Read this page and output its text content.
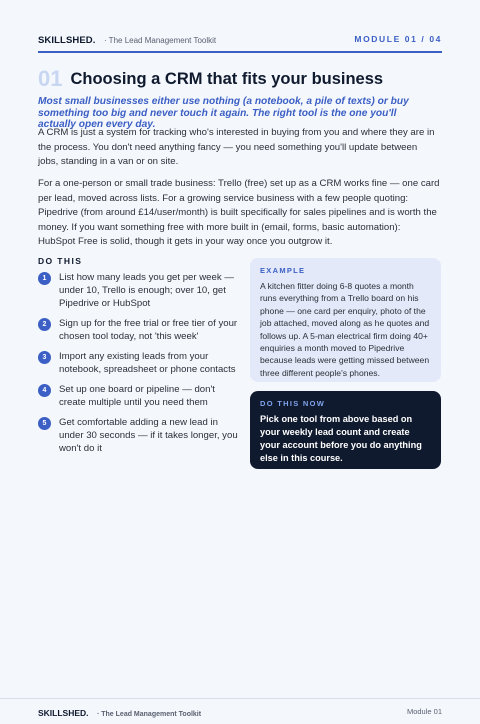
SKILLSHED. · The Lead Management Toolkit	MODULE 01 / 04
01 Choosing a CRM that fits your business

Most small businesses either use nothing (a notebook, a pile of texts) or buy something too big and never touch it again. The right tool is the one you'll actually open every day.

A CRM is just a system for tracking who's interested in buying from you and where they are in the process. You don't need anything fancy — you need something you'll update between jobs, standing in a van or on site.

For a one-person or small trade business: Trello (free) set up as a CRM works fine — one card per lead, moved across lists. For a growing service business with a few people quoting: Pipedrive (from around £14/user/month) is built specifically for sales pipelines and is worth the money. If you want something free with more built in (email, forms, basic automation): HubSpot Free is solid, though it gets in your way once you outgrow it.

DO THIS
1	List how many leads you get per week — under 10, Trello is enough; over 10, get Pipedrive or HubSpot
2	Sign up for the free trial or free tier of your chosen tool today, not 'this week'
3	Import any existing leads from your notebook, spreadsheet or phone contacts
4	Set up one board or pipeline — don't create multiple until you need them
5	Get comfortable adding a new lead in under 30 seconds — if it takes longer, you won't do it
EXAMPLE

A kitchen fitter doing 6-8 quotes a month runs everything from a Trello board on his phone — one card per enquiry, photo of the job attached, moved along as he quotes and follows up. A 5-man electrical firm doing 40+ enquiries a month moved to Pipedrive because leads were getting missed between three different people's phones.

DO THIS NOW

Pick one tool from above based on your weekly lead count and create your account before you do anything else in this course.

SKILLSHED. · The Lead Management Toolkit	Module 01
